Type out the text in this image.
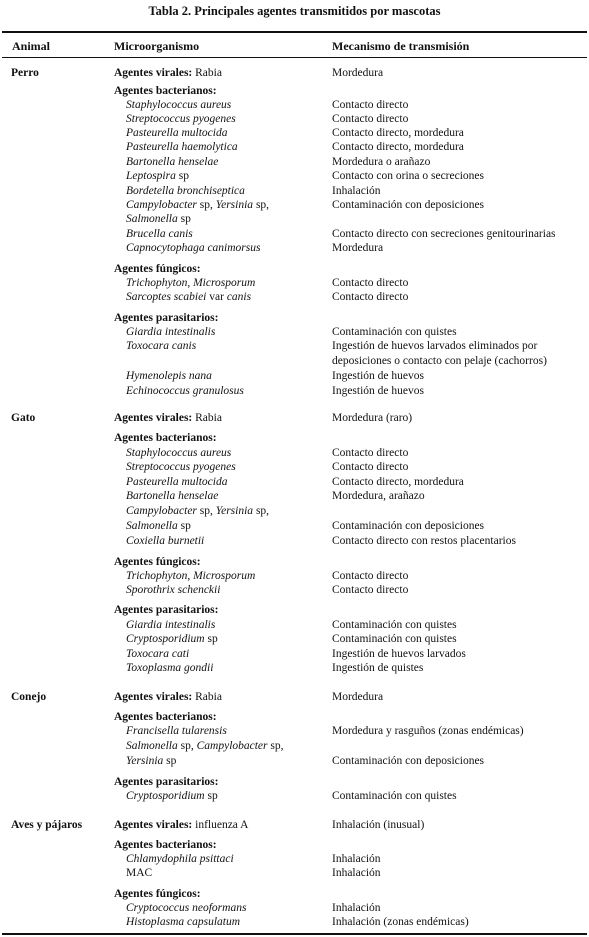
Tabla 2. Principales agentes transmitidos por mascotas
Animal	Microorganismo	Mecanismo de transmisión
Perro	Agentes virales: Rabia	Mordedura
Agentes bacterianos:
Staphylococcus aureus	Contacto directo
Streptococcus pyogenes	Contacto directo
Pasteurella multocida	Contacto directo, mordedura
Pasteurella haemolytica	Contacto directo, mordedura
Bartonella henselae	Mordedura o arañazo
Leptospira sp	Contacto con orina o secreciones
Bordetella bronchiseptica	Inhalación
Campylobacter sp, Yersinia sp,	Contaminación con deposiciones
Salmonella sp
Brucella canis	Contacto directo con secreciones genitourinarias
Capnocytophaga canimorsus	Mordedura
Agentes fúngicos:
Trichophyton, Microsporum	Contacto directo
Sarcoptes scabiei var canis	Contacto directo
Agentes parasitarios:
Giardia intestinalis	Contaminación con quistes
Toxocara canis	Ingestión de huevos larvados eliminados por
deposiciones o contacto con pelaje (cachorros)
Hymenolepis nana	Ingestión de huevos
Echinococcus granulosus	Ingestión de huevos
Gato	Agentes virales: Rabia	Mordedura (raro)
Agentes bacterianos:
Staphylococcus aureus	Contacto directo
Streptococcus pyogenes	Contacto directo
Pasteurella multocida	Contacto directo, mordedura
Bartonella henselae	Mordedura, arañazo
Campylobacter sp, Yersinia sp,
Salmonella sp	Contaminación con deposiciones
Coxiella burnetii	Contacto directo con restos placentarios
Agentes fúngicos:
Trichophyton, Microsporum	Contacto directo
Sporothrix schenckii	Contacto directo
Agentes parasitarios:
Giardia intestinalis	Contaminación con quistes
Cryptosporidium sp	Contaminación con quistes
Toxocara cati	Ingestión de huevos larvados
Toxoplasma gondii	Ingestión de quistes
Conejo	Agentes virales: Rabia	Mordedura
Agentes bacterianos:
Francisella tularensis	Mordedura y rasguños (zonas endémicas)
Salmonella sp, Campylobacter sp,
Yersinia sp	Contaminación con deposiciones
Agentes parasitarios:
Cryptosporidium sp	Contaminación con quistes
Aves y pájaros	Agentes virales: influenza A	Inhalación (inusual)
Agentes bacterianos:
Chlamydophila psittaci	Inhalación
MAC	Inhalación
Agentes fúngicos:
Cryptococcus neoformans	Inhalación
Histoplasma capsulatum	Inhalación (zonas endémicas)
